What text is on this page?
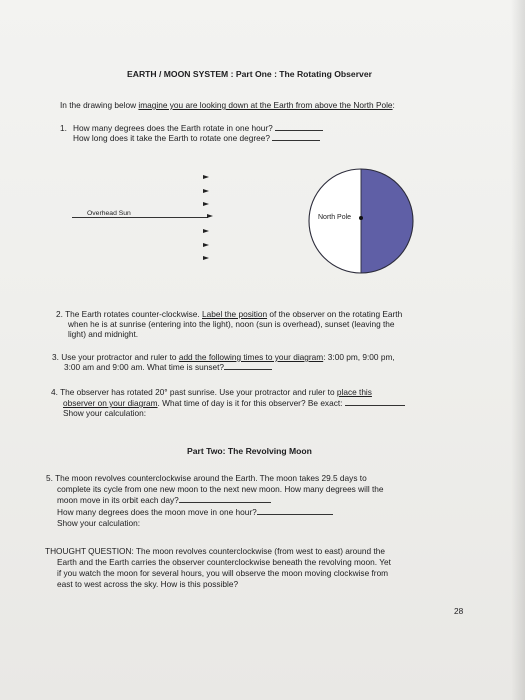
EARTH / MOON SYSTEM : Part One : The Rotating Observer
In the drawing below imagine you are looking down at the Earth from above the North Pole:
1. How many degrees does the Earth rotate in one hour?
How long does it take the Earth to rotate one degree?
Overhead Sun
North Pole
2. The Earth rotates counter-clockwise. Label the position of the observer on the rotating Earth
when he is at sunrise (entering into the light), noon (sun is overhead), sunset (leaving the
light) and midnight.
3. Use your protractor and ruler to add the following times to your diagram: 3:00 pm, 9:00 pm,
3:00 am and 9:00 am. What time is sunset?
4. The observer has rotated 20° past sunrise. Use your protractor and ruler to place this
observer on your diagram. What time of day is it for this observer? Be exact:
Show your calculation:
Part Two: The Revolving Moon
5. The moon revolves counterclockwise around the Earth. The moon takes 29.5 days to
complete its cycle from one new moon to the next new moon. How many degrees will the
moon move in its orbit each day?
How many degrees does the moon move in one hour?
Show your calculation:
THOUGHT QUESTION: The moon revolves counterclockwise (from west to east) around the
Earth and the Earth carries the observer counterclockwise beneath the revolving moon. Yet
if you watch the moon for several hours, you will observe the moon moving clockwise from
east to west across the sky. How is this possible?
28
